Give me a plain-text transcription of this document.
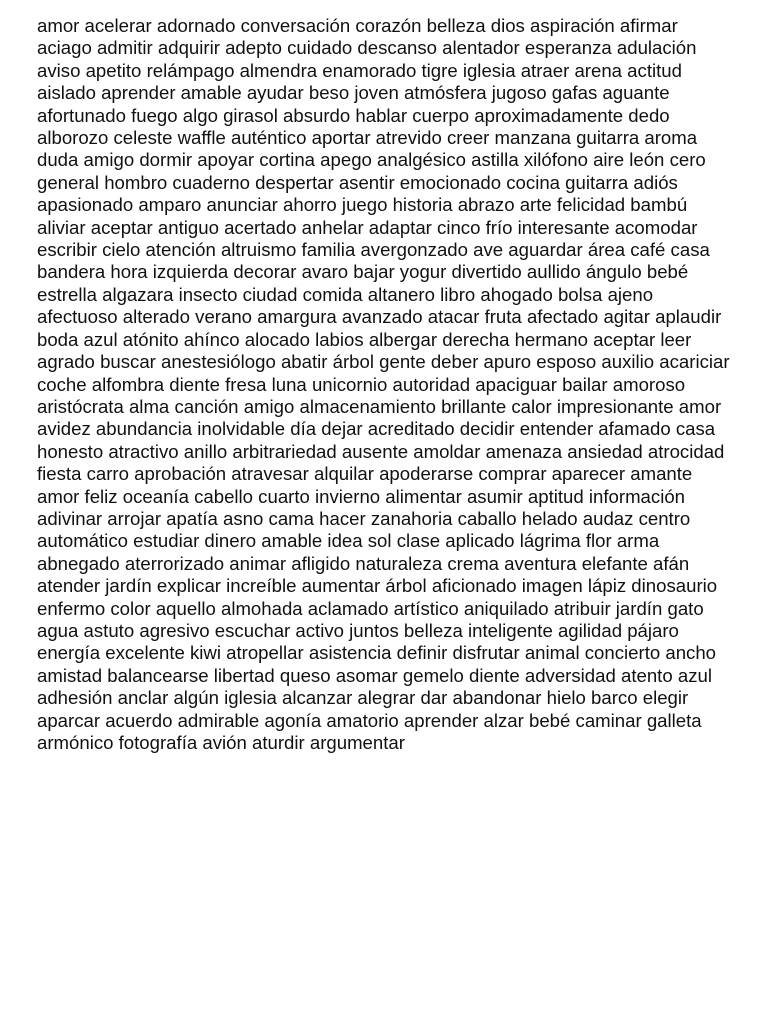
amor acelerar adornado conversación corazón belleza dios aspiración afirmar
aciago admitir adquirir adepto cuidado descanso alentador esperanza adulación
aviso apetito relámpago almendra enamorado tigre iglesia atraer arena actitud
aislado aprender amable ayudar beso joven atmósfera jugoso gafas aguante
afortunado fuego algo girasol absurdo hablar cuerpo aproximadamente dedo
alborozo celeste waffle auténtico aportar atrevido creer manzana guitarra aroma
duda amigo dormir apoyar cortina apego analgésico astilla xilófono aire león cero
general hombro cuaderno despertar asentir emocionado cocina guitarra adiós
apasionado amparo anunciar ahorro juego historia abrazo arte felicidad bambú
aliviar aceptar antiguo acertado anhelar adaptar cinco frío interesante acomodar
escribir cielo atención altruismo familia avergonzado ave aguardar área café casa
bandera hora izquierda decorar avaro bajar yogur divertido aullido ángulo bebé
estrella algazara insecto ciudad comida altanero libro ahogado bolsa ajeno
afectuoso alterado verano amargura avanzado atacar fruta afectado agitar aplaudir
boda azul atónito ahínco alocado labios albergar derecha hermano aceptar leer
agrado buscar anestesiólogo abatir árbol gente deber apuro esposo auxilio acariciar
coche alfombra diente fresa luna unicornio autoridad apaciguar bailar amoroso
aristócrata alma canción amigo almacenamiento brillante calor impresionante amor
avidez abundancia inolvidable día dejar acreditado decidir entender afamado casa
honesto atractivo anillo arbitrariedad ausente amoldar amenaza ansiedad atrocidad
fiesta carro aprobación atravesar alquilar apoderarse comprar aparecer amante
amor feliz oceanía cabello cuarto invierno alimentar asumir aptitud información
adivinar arrojar apatía asno cama hacer zanahoria caballo helado audaz centro
automático estudiar dinero amable idea sol clase aplicado lágrima flor arma
abnegado aterrorizado animar afligido naturaleza crema aventura elefante afán
atender jardín explicar increíble aumentar árbol aficionado imagen lápiz dinosaurio
enfermo color aquello almohada aclamado artístico aniquilado atribuir jardín gato
agua astuto agresivo escuchar activo juntos belleza inteligente agilidad pájaro
energía excelente kiwi atropellar asistencia definir disfrutar animal concierto ancho
amistad balancearse libertad queso asomar gemelo diente adversidad atento azul
adhesión anclar algún iglesia alcanzar alegrar dar abandonar hielo barco elegir
aparcar acuerdo admirable agonía amatorio aprender alzar bebé caminar galleta
armónico fotografía avión aturdir argumentar
